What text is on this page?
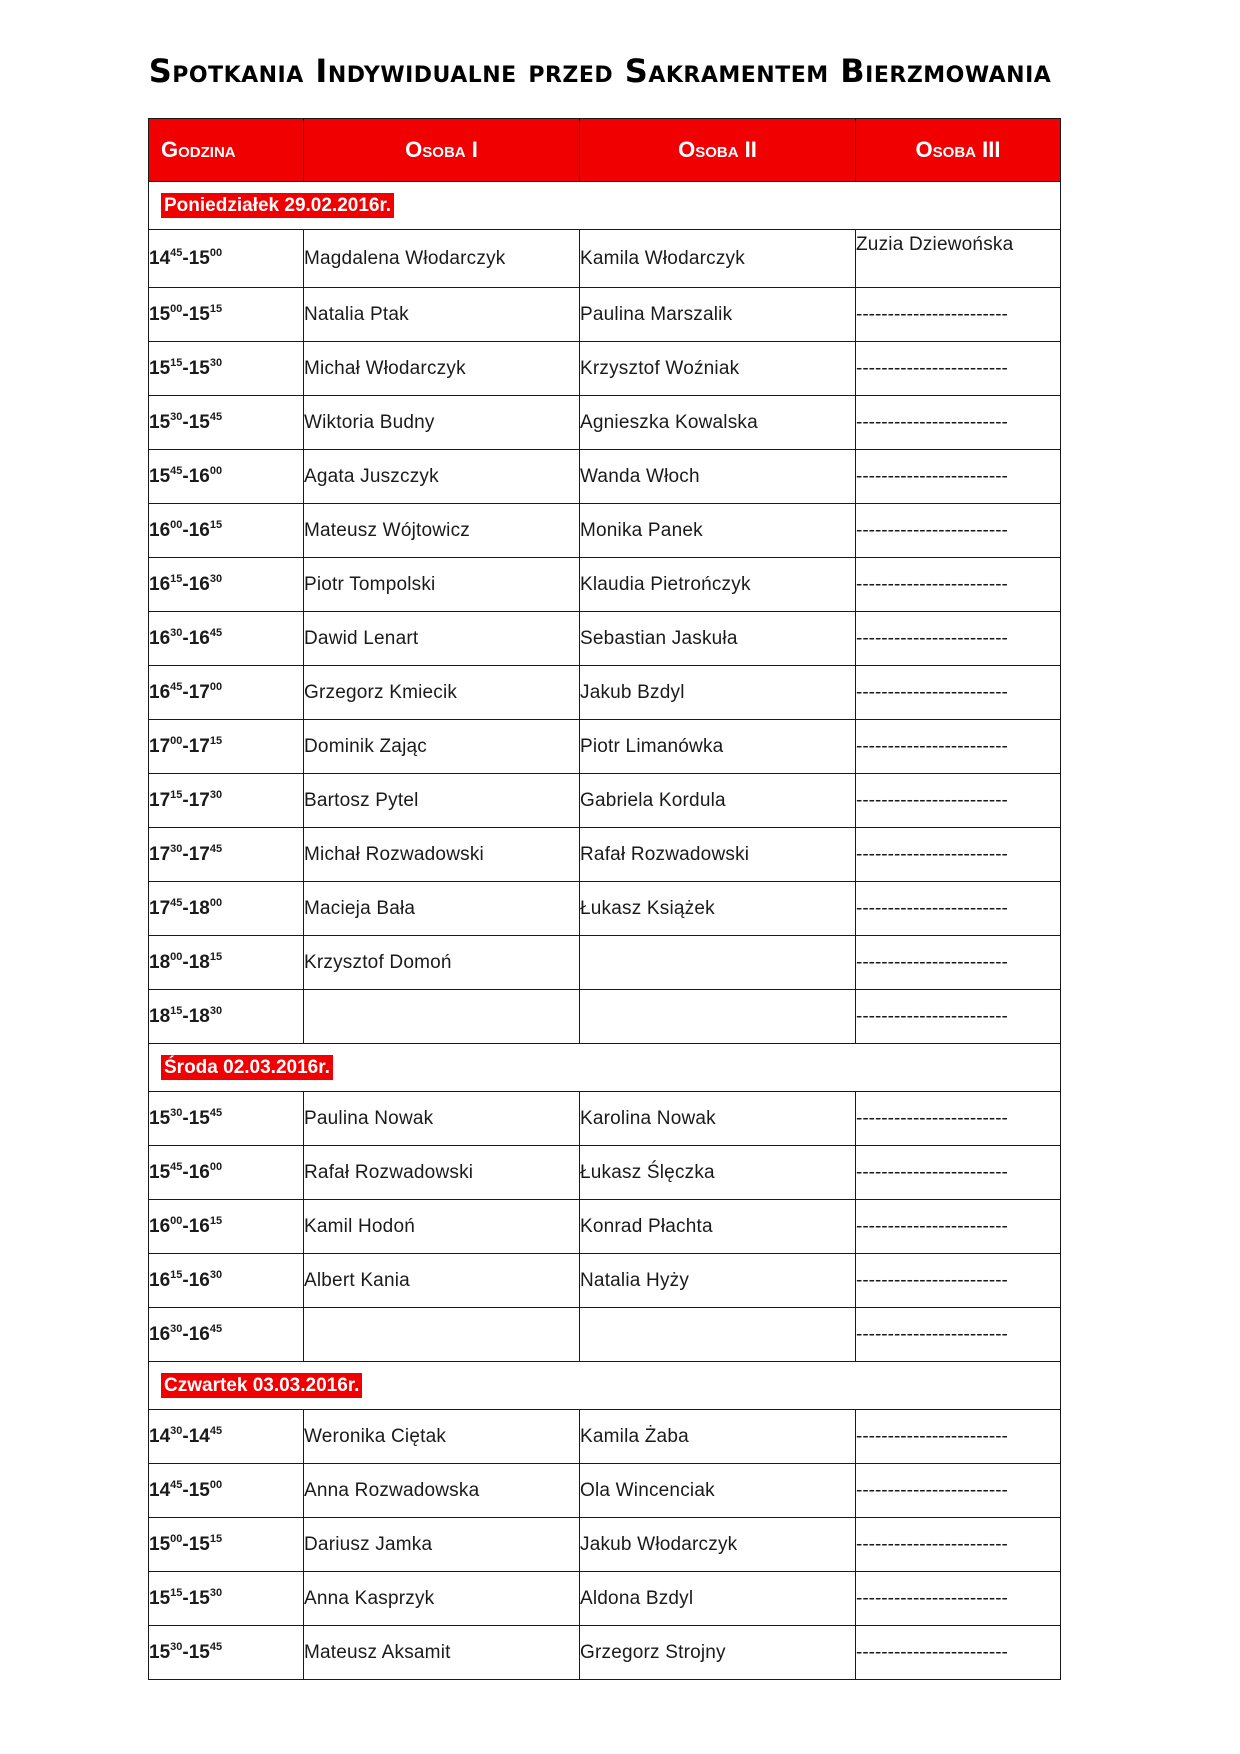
Spotkania Indywidualne przed Sakramentem Bierzmowania
Godzina	Osoba I	Osoba II	Osoba III
Poniedziałek 29.02.2016r.			
$14^{45}-15^{00}$	Magdalena Włodarczyk	Kamila Włodarczyk	Zuzia Dziewońska
$15^{00}-15^{15}$	Natalia Ptak	Paulina Marszalik	------------------------
$15^{15}-15^{30}$	Michał Włodarczyk	Krzysztof Woźniak	------------------------
$15^{30}-15^{45}$	Wiktoria Budny	Agnieszka Kowalska	------------------------
$15^{45}-16^{00}$	Agata Juszczyk	Wanda Włoch	------------------------
$16^{00}-16^{15}$	Mateusz Wójtowicz	Monika Panek	------------------------
$16^{15}-16^{30}$	Piotr Tompolski	Klaudia Pietrończyk	------------------------
$16^{30}-16^{45}$	Dawid Lenart	Sebastian Jaskuła	------------------------
$16^{45}-17^{00}$	Grzegorz Kmiecik	Jakub Bzdyl	------------------------
$17^{00}-17^{15}$	Dominik Zając	Piotr Limanówka	------------------------
$17^{15}-17^{30}$	Bartosz Pytel	Gabriela Kordula	------------------------
$17^{30}-17^{45}$	Michał Rozwadowski	Rafał Rozwadowski	------------------------
$17^{45}-18^{00}$	Macieja Bała	Łukasz Książek	------------------------
$18^{00}-18^{15}$	Krzysztof Domoń		------------------------
$18^{15}-18^{30}$			------------------------
Środa 02.03.2016r.			
$15^{30}-15^{45}$	Paulina Nowak	Karolina Nowak	------------------------
$15^{45}-16^{00}$	Rafał Rozwadowski	Łukasz Ślęczka	------------------------
$16^{00}-16^{15}$	Kamil Hodoń	Konrad Płachta	------------------------
$16^{15}-16^{30}$	Albert Kania	Natalia Hyży	------------------------
$16^{30}-16^{45}$			------------------------
Czwartek 03.03.2016r.			
$14^{30}-14^{45}$	Weronika Ciętak	Kamila Żaba	------------------------
$14^{45}-15^{00}$	Anna Rozwadowska	Ola Wincenciak	------------------------
$15^{00}-15^{15}$	Dariusz Jamka	Jakub Włodarczyk	------------------------
$15^{15}-15^{30}$	Anna Kasprzyk	Aldona Bzdyl	------------------------
$15^{30}-15^{45}$	Mateusz Aksamit	Grzegorz Strojny	------------------------
